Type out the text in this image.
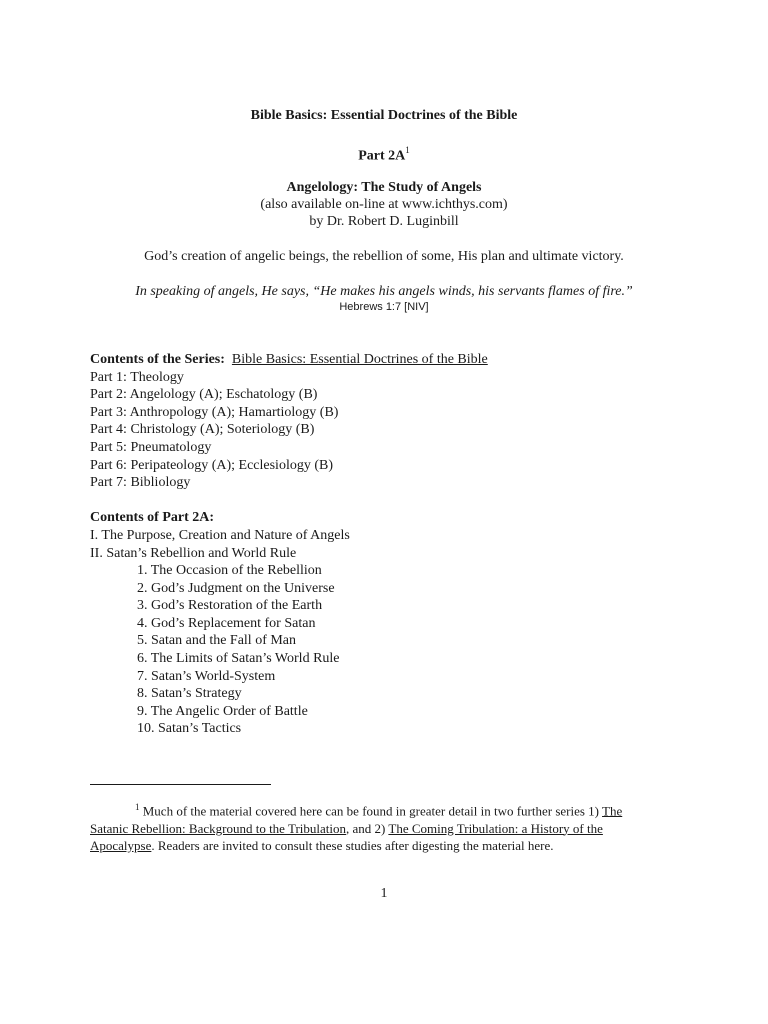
Bible Basics: Essential Doctrines of the Bible
Part $2A^1$
Angelology: The Study of Angels
(also available on-line at www.ichthys.com)
by Dr. Robert D. Luginbill
God’s creation of angelic beings, the rebellion of some, His plan and ultimate victory.
In speaking of angels, He says, “He makes his angels winds, his servants flames of fire.”
Hebrews 1:7 [NIV]
Contents of the Series: Bible Basics: Essential Doctrines of the Bible
Part 1: Theology
Part 2: Angelology (A); Eschatology (B)
Part 3: Anthropology (A); Hamartiology (B)
Part 4: Christology (A); Soteriology (B)
Part 5: Pneumatology
Part 6: Peripateology (A); Ecclesiology (B)
Part 7: Bibliology
Contents of Part 2A:
I. The Purpose, Creation and Nature of Angels
II. Satan’s Rebellion and World Rule
1. The Occasion of the Rebellion
2. God’s Judgment on the Universe
3. God’s Restoration of the Earth
4. God’s Replacement for Satan
5. Satan and the Fall of Man
6. The Limits of Satan’s World Rule
7. Satan’s World-System
8. Satan’s Strategy
9. The Angelic Order of Battle
10. Satan’s Tactics
$^1$ Much of the material covered here can be found in greater detail in two further series 1) The Satanic Rebellion: Background to the Tribulation, and 2) The Coming Tribulation: a History of the Apocalypse. Readers are invited to consult these studies after digesting the material here.
1
